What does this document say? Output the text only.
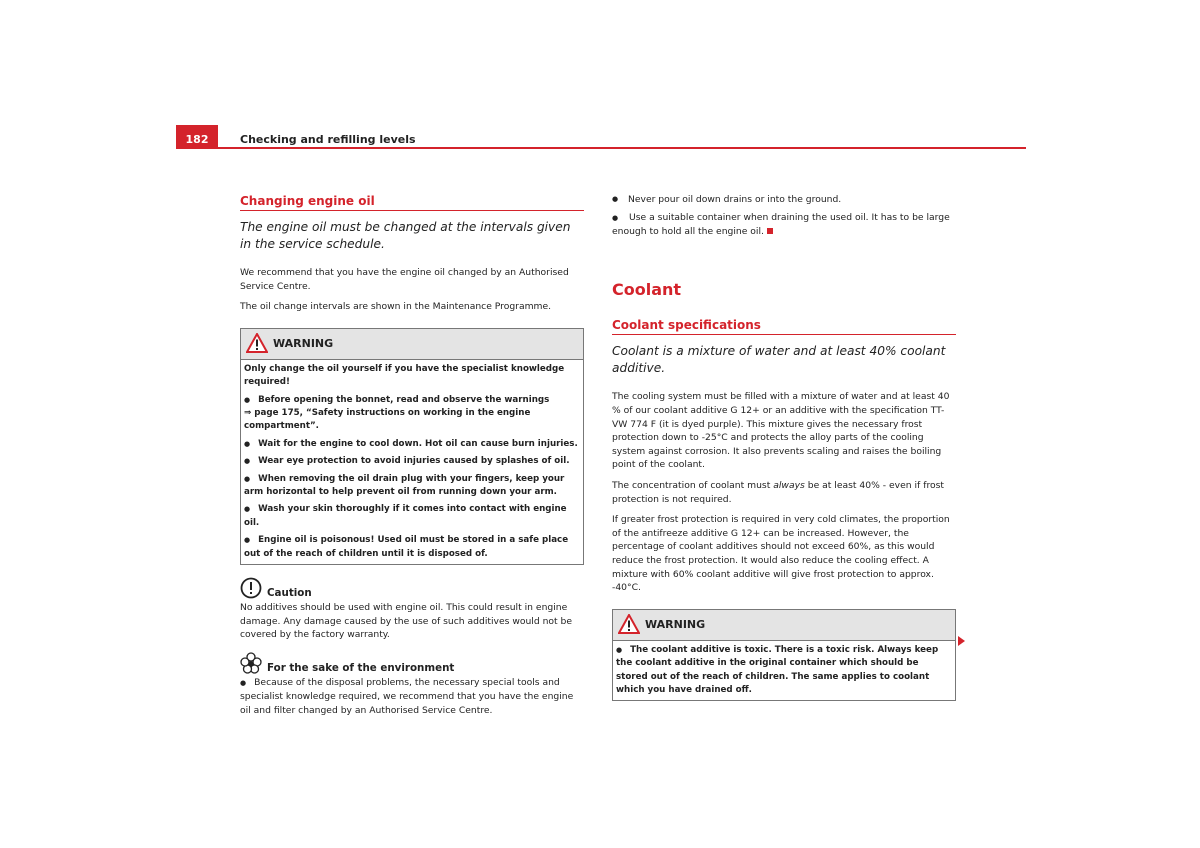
182	Checking and refilling levels
Changing engine oil
The engine oil must be changed at the intervals given in the service schedule.

We recommend that you have the engine oil changed by an Authorised Service Centre.

The oil change intervals are shown in the Maintenance Programme.

WARNING
Only change the oil yourself if you have the specialist knowledge required!
● Before opening the bonnet, read and observe the warnings
⇒ page 175, “Safety instructions on working in the engine compartment”.
● Wait for the engine to cool down. Hot oil can cause burn injuries.
● Wear eye protection to avoid injuries caused by splashes of oil.
● When removing the oil drain plug with your fingers, keep your arm horizontal to help prevent oil from running down your arm.
● Wash your skin thoroughly if it comes into contact with engine oil.
● Engine oil is poisonous! Used oil must be stored in a safe place out of the reach of children until it is disposed of.
Caution

No additives should be used with engine oil. This could result in engine damage. Any damage caused by the use of such additives would not be covered by the factory warranty.

For the sake of the environment

● Because of the disposal problems, the necessary special tools and specialist knowledge required, we recommend that you have the engine oil and filter changed by an Authorised Service Centre.

● Never pour oil down drains or into the ground.

● Use a suitable container when draining the used oil. It has to be large enough to hold all the engine oil.

Coolant
Coolant specifications
Coolant is a mixture of water and at least 40% coolant additive.

The cooling system must be filled with a mixture of water and at least 40 % of our coolant additive G 12+ or an additive with the specification TT-VW 774 F (it is dyed purple). This mixture gives the necessary frost protection down to -25°C and protects the alloy parts of the cooling system against corrosion. It also prevents scaling and raises the boiling point of the coolant.

The concentration of coolant must always be at least 40% - even if frost protection is not required.

If greater frost protection is required in very cold climates, the proportion of the antifreeze additive G 12+ can be increased. However, the percentage of coolant additives should not exceed 60%, as this would reduce the frost protection. It would also reduce the cooling effect. A mixture with 60% coolant additive will give frost protection to approx. -40°C.

WARNING
● The coolant additive is toxic. There is a toxic risk. Always keep the coolant additive in the original container which should be stored out of the reach of children. The same applies to coolant which you have drained off.
